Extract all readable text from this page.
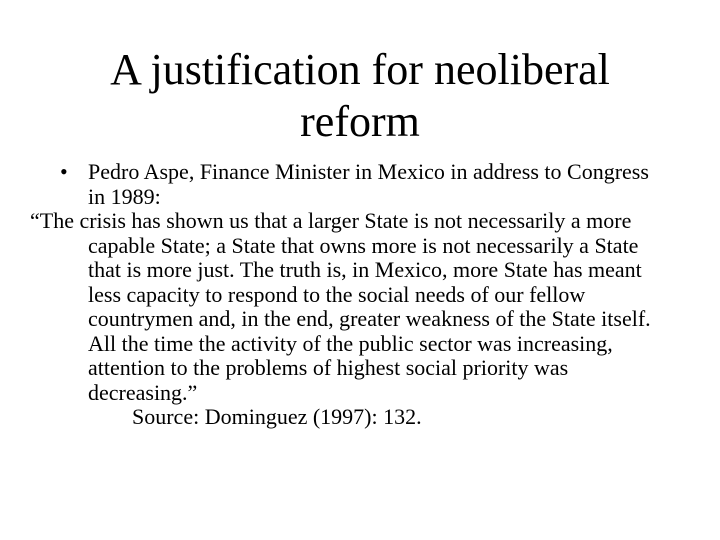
A justification for neoliberal
reform

• Pedro Aspe, Finance Minister in Mexico in address to Congress in 1989:

“The crisis has shown us that a larger State is not necessarily a more capable State; a State that owns more is not necessarily a State that is more just. The truth is, in Mexico, more State has meant less capacity to respond to the social needs of our fellow countrymen and, in the end, greater weakness of the State itself. All the time the activity of the public sector was increasing, attention to the problems of highest social priority was decreasing.”

Source: Dominguez (1997): 132.
